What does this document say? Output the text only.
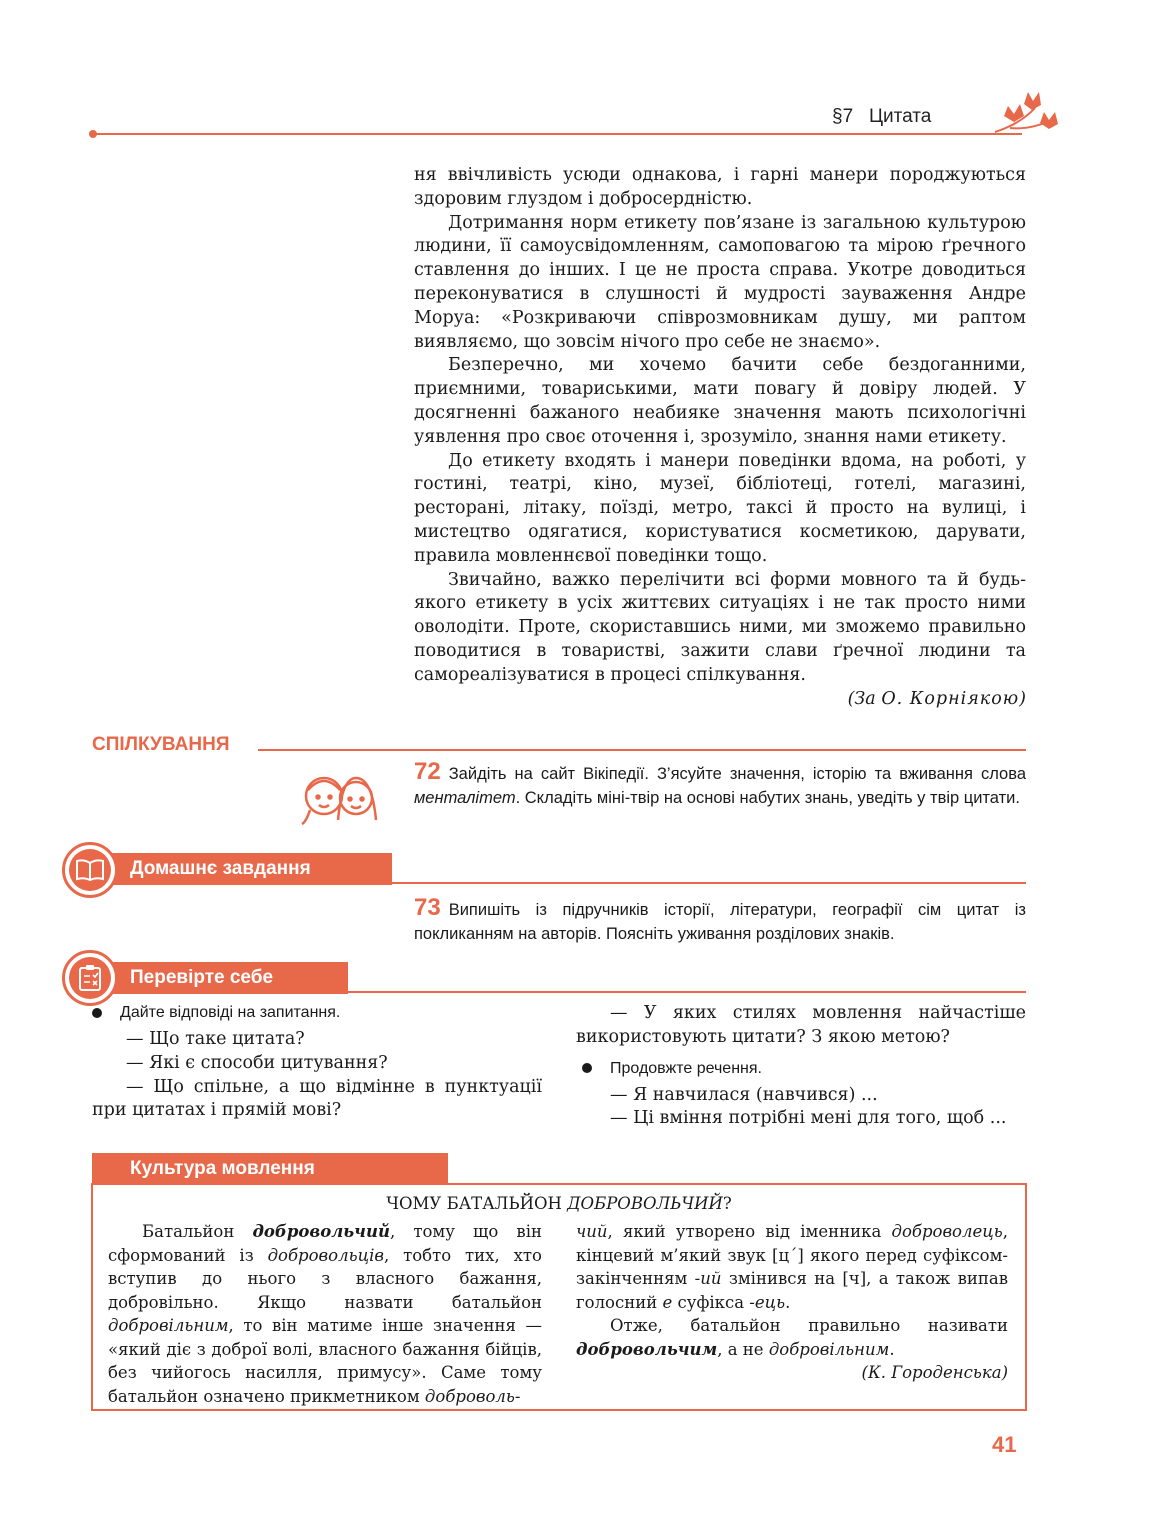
§7 Цитата

ня ввічливість усюди однакова, і гарні манери породжуються здоровим глуздом і добросердністю.

Дотримання норм етикету пов’язане із загальною культурою людини, її самоусвідомленням, самоповагою та мірою ґречного ставлення до інших. І це не проста справа. Укотре доводиться переконуватися в слушності й мудрості зауваження Андре Моруа: «Розкриваючи співрозмовникам душу, ми раптом виявляємо, що зовсім нічого про себе не знаємо».

Безперечно, ми хочемо бачити себе бездоганними, приємними, товариськими, мати повагу й довіру людей. У досягненні бажаного неабияке значення мають психологічні уявлення про своє оточення і, зрозуміло, знання нами етикету.

До етикету входять і манери поведінки вдома, на роботі, у гостині, театрі, кіно, музеї, бібліотеці, готелі, магазині, ресторані, літаку, поїзді, метро, таксі й просто на вулиці, і мистецтво одягатися, користуватися косметикою, дарувати, правила мовленнєвої поведінки тощо.

Звичайно, важко перелічити всі форми мовного та й будь-якого етикету в усіх життєвих ситуаціях і не так просто ними оволодіти. Проте, скориставшись ними, ми зможемо правильно поводитися в товаристві, зажити слави ґречної людини та самореалізуватися в процесі спілкування.

(За О. Корніякою)

СПІЛКУВАННЯ
72 Зайдіть на сайт Вікіпедії. З’ясуйте значення, історію та вживання слова менталітет. Складіть міні-твір на основі набутих знань, уведіть у твір цитати.
Домашнє завдання
73 Випишіть із підручників історії, літератури, географії сім цитат із покликанням на авторів. Поясніть уживання розділових знаків.
Перевірте себе
Дайте відповіді на запитання.

— Що таке цитата?

— Які є способи цитування?

— Що спільне, а що відмінне в пунктуації при цитатах і прямій мові?

— У яких стилях мовлення найчастіше використовують цитати? З якою метою?

Продовжте речення.

— Я навчилася (навчився) ...

— Ці вміння потрібні мені для того, щоб ...

Культура мовлення
ЧОМУ БАТАЛЬЙОН ДОБРОВОЛЬЧИЙ?

Батальйон добровольчий, тому що він сформований із добровольців, тобто тих, хто вступив до нього з власного бажання, добровільно. Якщо назвати батальйон добровільним, то він матиме інше значення — «який діє з доброї волі, власного бажання бійців, без чийогось насилля, примусу». Саме тому батальйон означено прикметником доброволь-

чий, який утворено від іменника доброволець, кінцевий м’який звук [ц´] якого перед суфіксом-закінченням -ий змінився на [ч], а також випав голосний е суфікса -ець.

Отже, батальйон правильно називати добровольчим, а не добровільним.

(К. Городенська)

41
